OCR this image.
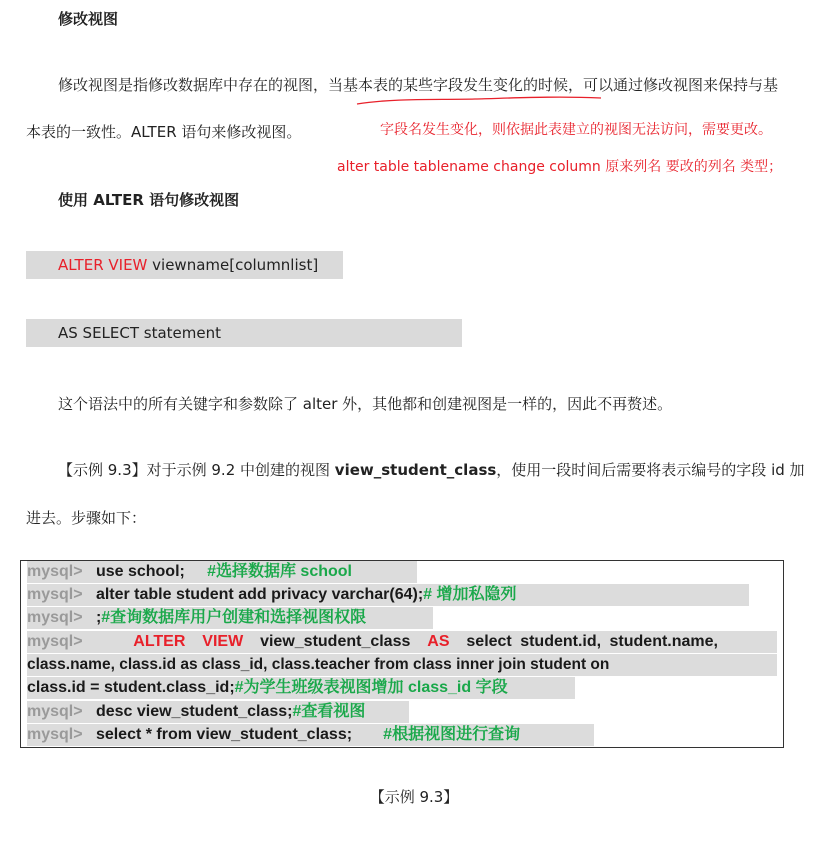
修改视图
修改视图是指修改数据库中存在的视图，当基本表的某些字段发生变化的时候，可以通过修改视图来保持与基
本表的一致性。ALTER 语句来修改视图。	字段名发生变化，则依据此表建立的视图无法访问，需要更改。
alter table tablename change column 原来列名 要改的列名 类型；
使用 ALTER 语句修改视图
ALTER VIEW viewname[columnlist]
AS SELECT statement
这个语法中的所有关键字和参数除了 alter 外，其他都和创建视图是一样的，因此不再赘述。
【示例 9.3】对于示例 9.2 中创建的视图 view_student_class，使用一段时间后需要将表示编号的字段 id 加
进去。步骤如下：
mysql> use school; #选择数据库 school
mysql> alter table student add privacy varchar(64);# 增加私隐列
mysql> ;#查询数据库用户创建和选择视图权限
mysql>	ALTER VIEW view_student_class AS select student.id, student.name,
class.name, class.id as class_id, class.teacher from class inner join student on
class.id = student.class_id;#为学生班级表视图增加 class_id 字段
mysql> desc view_student_class;#查看视图
mysql> select * from view_student_class; #根据视图进行查询
【示例 9.3】
